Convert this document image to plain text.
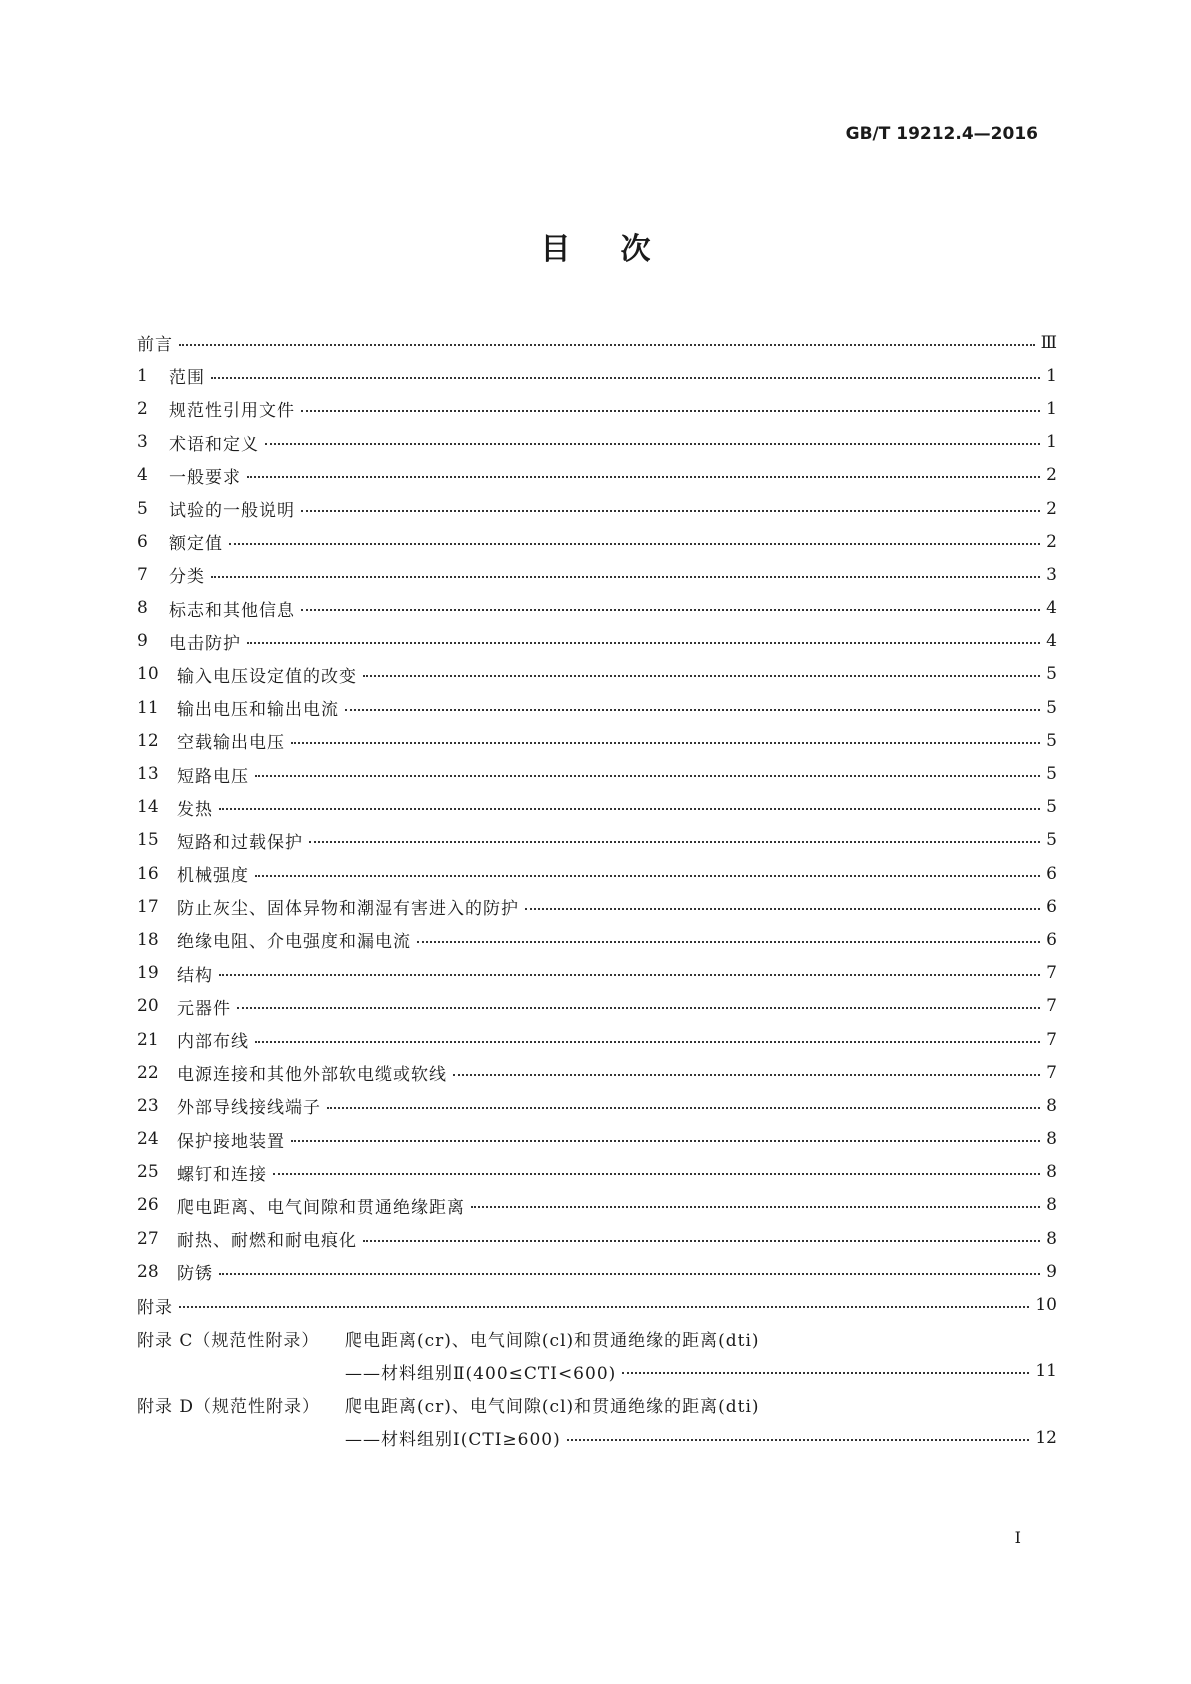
GB/T 19212.4—2016
目次
前言	Ⅲ
1	范围	1
2	规范性引用文件	1
3	术语和定义	1
4	一般要求	2
5	试验的一般说明	2
6	额定值	2
7	分类	3
8	标志和其他信息	4
9	电击防护	4
10	输入电压设定值的改变	5
11	输出电压和输出电流	5
12	空载输出电压	5
13	短路电压	5
14	发热	5
15	短路和过载保护	5
16	机械强度	6
17	防止灰尘、固体异物和潮湿有害进入的防护	6
18	绝缘电阻、介电强度和漏电流	6
19	结构	7
20	元器件	7
21	内部布线	7
22	电源连接和其他外部软电缆或软线	7
23	外部导线接线端子	8
24	保护接地装置	8
25	螺钉和连接	8
26	爬电距离、电气间隙和贯通绝缘距离	8
27	耐热、耐燃和耐电痕化	8
28	防锈	9
附录	10
附录 C（规范性附录）	爬电距离(cr)、电气间隙(cl)和贯通绝缘的距离(dti)
——材料组别Ⅱ(400≤CTI<600)	11
附录 D（规范性附录）	爬电距离(cr)、电气间隙(cl)和贯通绝缘的距离(dti)
——材料组别Ⅰ(CTI≥600)	12
I
